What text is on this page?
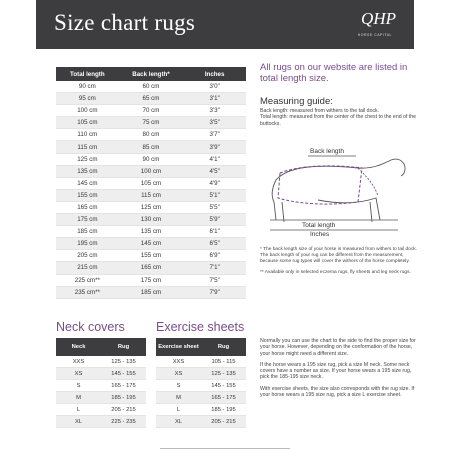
Size chart rugs	QHP
HORSE CAPITAL
Total length	Back length*	Inches
90 cm	60 cm	3'0"
95 cm	65 cm	3'1"
100 cm	70 cm	3'3"
105 cm	75 cm	3'5"
110 cm	80 cm	3'7"
115 cm	85 cm	3'9"
125 cm	90 cm	4'1"
135 cm	100 cm	4'5"
145 cm	105 cm	4'9"
155 cm	115 cm	5'1"
165 cm	125 cm	5'5"
175 cm	130 cm	5'9"
185 cm	135 cm	6'1"
195 cm	145 cm	6'5"
205 cm	155 cm	6'9"
215 cm	165 cm	7'1"
225 cm**	175 cm	7'5"
235 cm**	185 cm	7'9"
All rugs on our website are listed in total length size.
Measuring guide:
Back length: measured from withers to the tail dock.
Total length: measured from the center of the chest to the end of the buttocks.
Back length
Total length
Inches

* The back length size of your horse is measured from withers to tail dock. The back length of your rug can be different from the measurement, because some rug types will cover the withers of the horse completely.

** Available only in selected eczema rugs, fly sheets and leg neck rugs.

Neck covers
Neck	Rug
XXS	125 - 135
XS	145 - 155
S	165 - 175
M	185 - 195
L	205 - 215
XL	225 - 235
Exercise sheets
Exercise sheet	Rug
XXS	105 - 115
XS	125 - 135
S	145 - 155
M	165 - 175
L	185 - 195
XL	205 - 215

Normally you can use the chart to the side to find the proper size for your horse. However, depending on the conformation of the horse, your horse might need a different size.

If the horse wears a 195 size rug, pick a size M neck. Some neck covers have a number as size. If your horse wears a 195 size rug, pick the 185-195 size neck.

With exercise sheets, the size also corresponds with the rug size. If your horse wears a 195 size rug, pick a size L exercise sheet.
